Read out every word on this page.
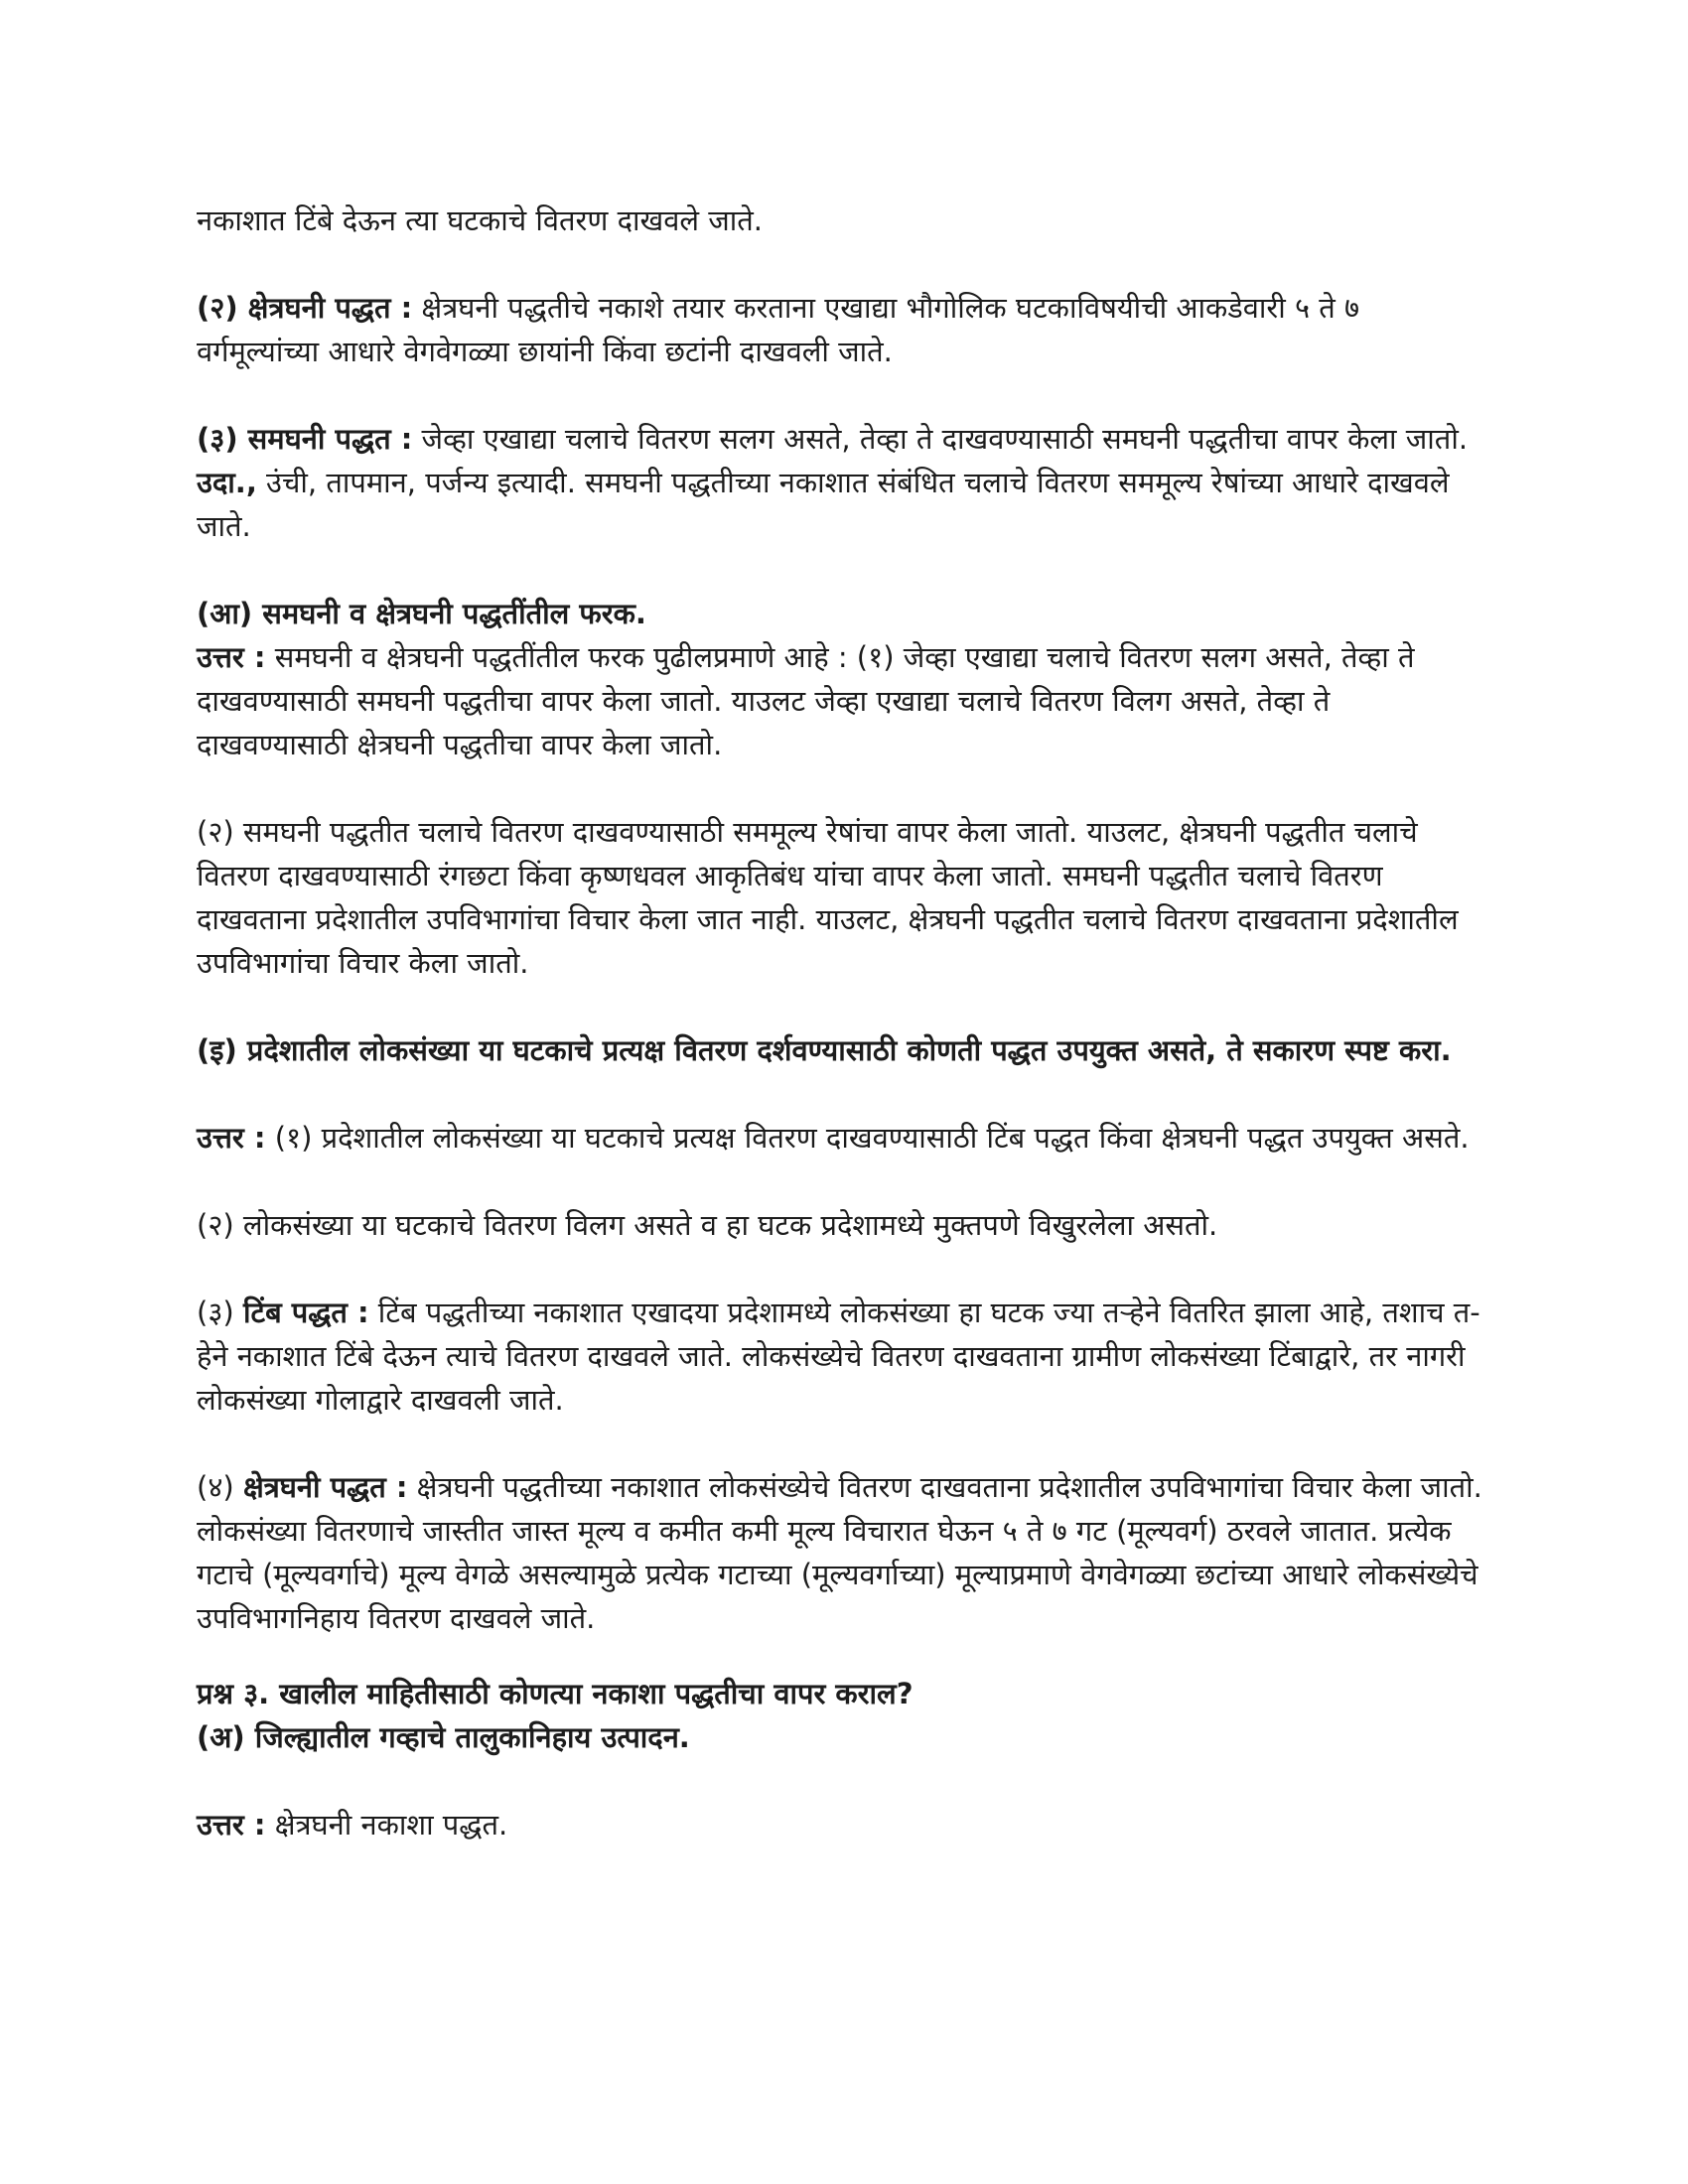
नकाशात टिंबे देऊन त्या घटकाचे वितरण दाखवले जाते.

(२) क्षेत्रघनी पद्धत : क्षेत्रघनी पद्धतीचे नकाशे तयार करताना एखाद्या भौगोलिक घटकाविषयीची आकडेवारी ५ ते ७ वर्गमूल्यांच्या आधारे वेगवेगळ्या छायांनी किंवा छटांनी दाखवली जाते.

(३) समघनी पद्धत : जेव्हा एखाद्या चलाचे वितरण सलग असते, तेव्हा ते दाखवण्यासाठी समघनी पद्धतीचा वापर केला जातो. उदा., उंची, तापमान, पर्जन्य इत्यादी. समघनी पद्धतीच्या नकाशात संबंधित चलाचे वितरण सममूल्य रेषांच्या आधारे दाखवले जाते.

(आ) समघनी व क्षेत्रघनी पद्धतींतील फरक.

उत्तर : समघनी व क्षेत्रघनी पद्धतींतील फरक पुढीलप्रमाणे आहे : (१) जेव्हा एखाद्या चलाचे वितरण सलग असते, तेव्हा ते दाखवण्यासाठी समघनी पद्धतीचा वापर केला जातो. याउलट जेव्हा एखाद्या चलाचे वितरण विलग असते, तेव्हा ते दाखवण्यासाठी क्षेत्रघनी पद्धतीचा वापर केला जातो.

(२) समघनी पद्धतीत चलाचे वितरण दाखवण्यासाठी सममूल्य रेषांचा वापर केला जातो. याउलट, क्षेत्रघनी पद्धतीत चलाचे वितरण दाखवण्यासाठी रंगछटा किंवा कृष्णधवल आकृतिबंध यांचा वापर केला जातो. समघनी पद्धतीत चलाचे वितरण दाखवताना प्रदेशातील उपविभागांचा विचार केला जात नाही. याउलट, क्षेत्रघनी पद्धतीत चलाचे वितरण दाखवताना प्रदेशातील उपविभागांचा विचार केला जातो.

(इ) प्रदेशातील लोकसंख्या या घटकाचे प्रत्यक्ष वितरण दर्शवण्यासाठी कोणती पद्धत उपयुक्त असते, ते सकारण स्पष्ट करा.

उत्तर : (१) प्रदेशातील लोकसंख्या या घटकाचे प्रत्यक्ष वितरण दाखवण्यासाठी टिंब पद्धत किंवा क्षेत्रघनी पद्धत उपयुक्त असते.

(२) लोकसंख्या या घटकाचे वितरण विलग असते व हा घटक प्रदेशामध्ये मुक्तपणे विखुरलेला असतो.

(३) टिंब पद्धत : टिंब पद्धतीच्या नकाशात एखादया प्रदेशामध्ये लोकसंख्या हा घटक ज्या तऱ्हेने वितरित झाला आहे, तशाच त-हेने नकाशात टिंबे देऊन त्याचे वितरण दाखवले जाते. लोकसंख्येचे वितरण दाखवताना ग्रामीण लोकसंख्या टिंबाद्वारे, तर नागरी लोकसंख्या गोलाद्वारे दाखवली जाते.

(४) क्षेत्रघनी पद्धत : क्षेत्रघनी पद्धतीच्या नकाशात लोकसंख्येचे वितरण दाखवताना प्रदेशातील उपविभागांचा विचार केला जातो. लोकसंख्या वितरणाचे जास्तीत जास्त मूल्य व कमीत कमी मूल्य विचारात घेऊन ५ ते ७ गट (मूल्यवर्ग) ठरवले जातात. प्रत्येक गटाचे (मूल्यवर्गाचे) मूल्य वेगळे असल्यामुळे प्रत्येक गटाच्या (मूल्यवर्गाच्या) मूल्याप्रमाणे वेगवेगळ्या छटांच्या आधारे लोकसंख्येचे उपविभागनिहाय वितरण दाखवले जाते.

प्रश्न ३. खालील माहितीसाठी कोणत्या नकाशा पद्धतीचा वापर कराल?

(अ) जिल्ह्यातील गव्हाचे तालुकानिहाय उत्पादन.

उत्तर : क्षेत्रघनी नकाशा पद्धत.
